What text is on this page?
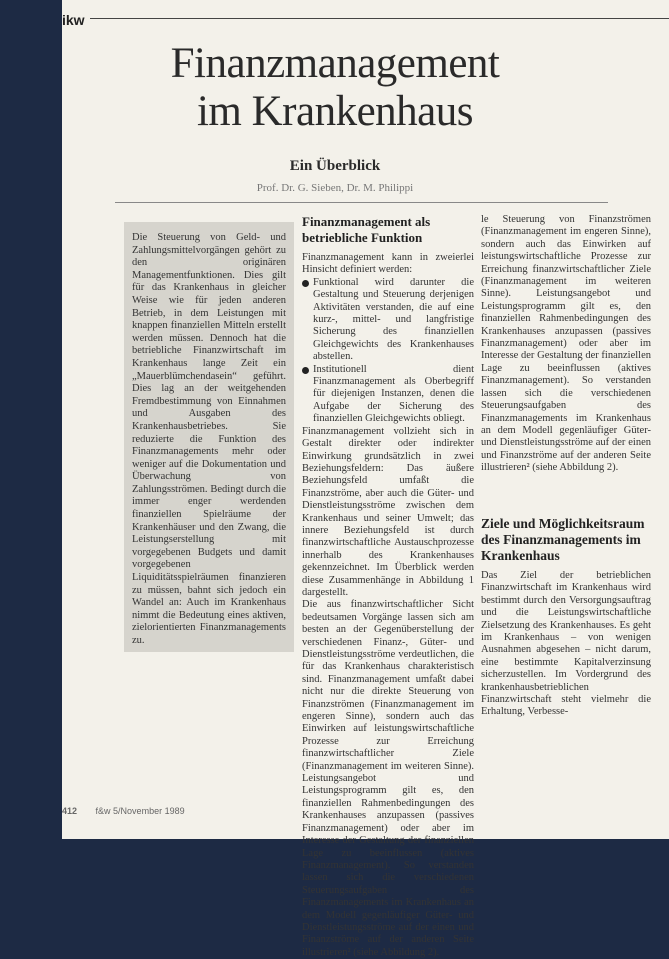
ikw
Finanzmanagement
im Krankenhaus
Ein Überblick
Prof. Dr. G. Sieben, Dr. M. Philippi

Die Steuerung von Geld- und Zahlungsmittelvorgängen gehört zu den originären Managementfunktionen. Dies gilt für das Krankenhaus in gleicher Weise wie für jeden anderen Betrieb, in dem Leistungen mit knappen finanziellen Mitteln erstellt werden müssen. Dennoch hat die betriebliche Finanzwirtschaft im Krankenhaus lange Zeit ein „Mauerblümchendasein“ geführt. Dies lag an der weitgehenden Fremdbestimmung von Einnahmen und Ausgaben des Krankenhausbetriebes. Sie reduzierte die Funktion des Finanzmanagements mehr oder weniger auf die Dokumentation und Überwachung von Zahlungsströmen. Bedingt durch die immer enger werdenden finanziellen Spielräume der Krankenhäuser und den Zwang, die Leistungserstellung mit vorgegebenen Budgets und damit vorgegebenen Liquiditätsspielräumen finanzieren zu müssen, bahnt sich jedoch ein Wandel an: Auch im Krankenhaus nimmt die Bedeutung eines aktiven, zielorientierten Finanzmanagements zu.

Finanzmanagement als betriebliche Funktion

Finanzmanagement kann in zweierlei Hinsicht definiert werden:

Funktional wird darunter die Gestaltung und Steuerung derjenigen Aktivitäten verstanden, die auf eine kurz-, mittel- und langfristige Sicherung des finanziellen Gleichgewichts des Krankenhauses abstellen.
Institutionell dient Finanzmanagement als Oberbegriff für diejenigen Instanzen, denen die Aufgabe der Sicherung des finanziellen Gleichgewichts obliegt.

Finanzmanagement vollzieht sich in Gestalt direkter oder indirekter Einwirkung grundsätzlich in zwei Beziehungsfeldern: Das äußere Beziehungsfeld umfaßt die Finanzströme, aber auch die Güter- und Dienstleistungsströme zwischen dem Krankenhaus und seiner Umwelt; das innere Beziehungsfeld ist durch finanzwirtschaftliche Austauschprozesse innerhalb des Krankenhauses gekennzeichnet. Im Überblick werden diese Zusammenhänge in Abbildung 1 dargestellt.

Die aus finanzwirtschaftlicher Sicht bedeutsamen Vorgänge lassen sich am besten an der Gegenüberstellung der verschiedenen Finanz-, Güter- und Dienstleistungsströme verdeutlichen, die für das Krankenhaus charakteristisch sind. Finanzmanagement umfaßt dabei nicht nur die direkte Steuerung von Finanzströmen (Finanzmanagement im engeren Sinne), sondern auch das Einwirken auf leistungswirtschaftliche Prozesse zur Erreichung finanzwirtschaftlicher Ziele (Finanzmanagement im weiteren Sinne). Leistungsangebot und Leistungsprogramm gilt es, den finanziellen Rahmenbedingungen des Krankenhauses anzupassen (passives Finanzmanagement) oder aber im Interesse der Gestaltung der finanziellen Lage zu beeinflussen (aktives Finanzmanagement). So verstanden lassen sich die verschiedenen Steuerungsaufgaben des Finanzmanagements im Krankenhaus an dem Modell gegenläufiger Güter- und Dienstleistungsströme auf der einen und Finanzströme auf der anderen Seite illustrieren² (siehe Abbildung 2).

le Steuerung von Finanzströmen (Finanzmanagement im engeren Sinne), sondern auch das Einwirken auf leistungswirtschaftliche Prozesse zur Erreichung finanzwirtschaftlicher Ziele (Finanzmanagement im weiteren Sinne). Leistungsangebot und Leistungsprogramm gilt es, den finanziellen Rahmenbedingungen des Krankenhauses anzupassen (passives Finanzmanagement) oder aber im Interesse der Gestaltung der finanziellen Lage zu beeinflussen (aktives Finanzmanagement). So verstanden lassen sich die verschiedenen Steuerungsaufgaben des Finanzmanagements im Krankenhaus an dem Modell gegenläufiger Güter- und Dienstleistungsströme auf der einen und Finanzströme auf der anderen Seite illustrieren² (siehe Abbildung 2).

Ziele und Möglichkeitsraum des Finanzmanagements im Krankenhaus

Das Ziel der betrieblichen Finanzwirtschaft im Krankenhaus wird bestimmt durch den Versorgungsauftrag und die Leistungswirtschaftliche Zielsetzung des Krankenhauses. Es geht im Krankenhaus – von wenigen Ausnahmen abgesehen – nicht darum, eine bestimmte Kapitalverzinsung sicherzustellen. Im Vordergrund des krankenhausbetrieblichen Finanzwirtschaft steht vielmehr die Erhaltung, Verbesse-

412 f&w 5/November 1989
